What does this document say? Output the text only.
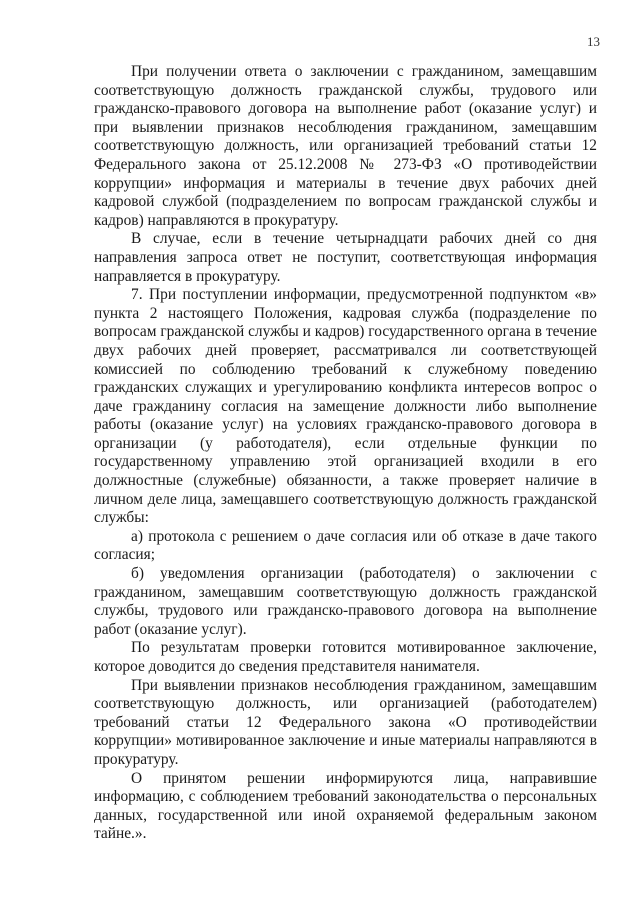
13

При получении ответа о заключении с гражданином, замещавшим соответствующую должность гражданской службы, трудового или гражданско-правового договора на выполнение работ (оказание услуг) и при выявлении признаков несоблюдения гражданином, замещавшим соответствующую должность, или организацией требований статьи 12 Федерального закона от 25.12.2008 № 273-ФЗ «О противодействии коррупции» информация и материалы в течение двух рабочих дней кадровой службой (подразделением по вопросам гражданской службы и кадров) направляются в прокуратуру.

В случае, если в течение четырнадцати рабочих дней со дня направления запроса ответ не поступит, соответствующая информация направляется в прокуратуру.

7. При поступлении информации, предусмотренной подпунктом «в» пункта 2 настоящего Положения, кадровая служба (подразделение по вопросам гражданской службы и кадров) государственного органа в течение двух рабочих дней проверяет, рассматривался ли соответствующей комиссией по соблюдению требований к служебному поведению гражданских служащих и урегулированию конфликта интересов вопрос о даче гражданину согласия на замещение должности либо выполнение работы (оказание услуг) на условиях гражданско-правового договора в организации (у работодателя), если отдельные функции по государственному управлению этой организацией входили в его должностные (служебные) обязанности, а также проверяет наличие в личном деле лица, замещавшего соответствующую должность гражданской службы:

а) протокола с решением о даче согласия или об отказе в даче такого согласия;

б) уведомления организации (работодателя) о заключении с гражданином, замещавшим соответствующую должность гражданской службы, трудового или гражданско-правового договора на выполнение работ (оказание услуг).

По результатам проверки готовится мотивированное заключение, которое доводится до сведения представителя нанимателя.

При выявлении признаков несоблюдения гражданином, замещавшим соответствующую должность, или организацией (работодателем) требований статьи 12 Федерального закона «О противодействии коррупции» мотивированное заключение и иные материалы направляются в прокуратуру.

О принятом решении информируются лица, направившие информацию, с соблюдением требований законодательства о персональных данных, государственной или иной охраняемой федеральным законом тайне.».
